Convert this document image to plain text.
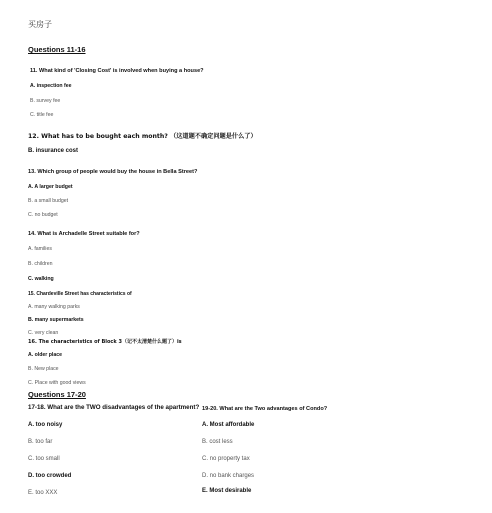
买房子
Questions 11-16
11. What kind of 'Closing Cost' is involved when buying a house?
A. inspection fee
B. survey fee
C. title fee
12. What has to be bought each month? （这道题不确定问题是什么了）
B. insurance cost
13. Which group of people would buy the house in Bella Street?
A. A larger budget
B. a small budget
C. no budget
14. What is Archadelle Street suitable for?
A. families
B. children
C. walking
15. Chardeville Street has characteristics of
A. many walking parks
B. many supermarkets
C. very clean
16. The characteristics of Block 3（记不太清楚什么题了）is
A. older place
B. New place
C. Place with good views
Questions 17-20
17-18. What are the TWO disadvantages of the apartment?
A. too noisy
B. too far
C. too small
D. too crowded
E. too XXX
19-20. What are the Two advantages of Condo?
A. Most affordable
B. cost less
C. no property tax
D. no bank charges
E. Most desirable
